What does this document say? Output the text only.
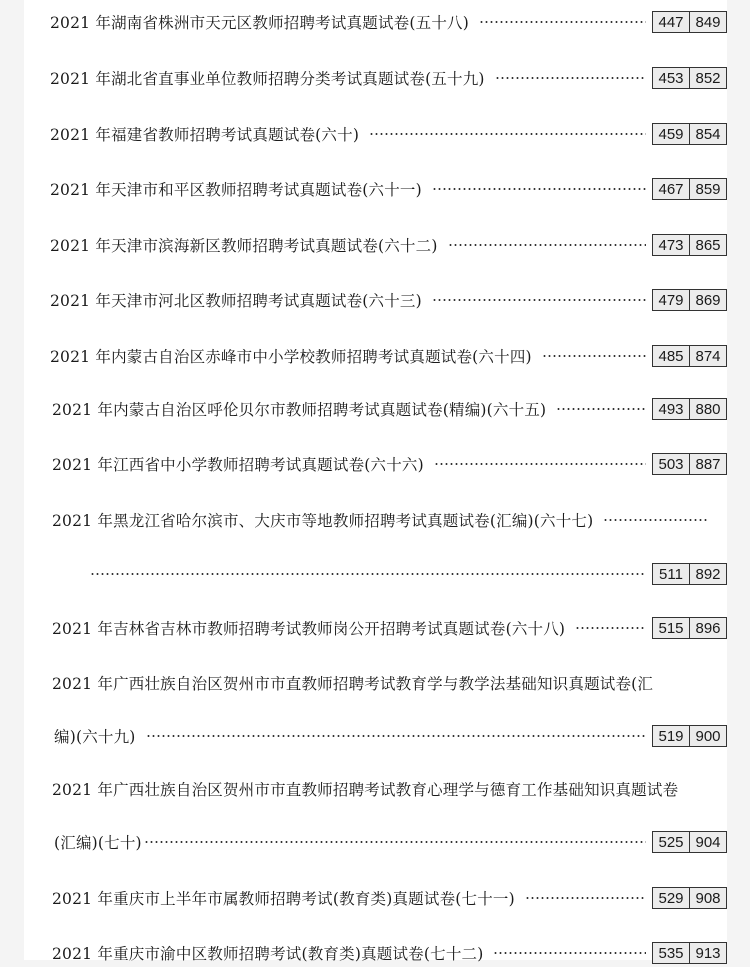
2021 年湖南省株洲市天元区教师招聘考试真题试卷(五十八)	447 849
2021 年湖北省直事业单位教师招聘分类考试真题试卷(五十九)	453 852
2021 年福建省教师招聘考试真题试卷(六十)	459 854
2021 年天津市和平区教师招聘考试真题试卷(六十一)	467 859
2021 年天津市滨海新区教师招聘考试真题试卷(六十二)	473 865
2021 年天津市河北区教师招聘考试真题试卷(六十三)	479 869
2021 年内蒙古自治区赤峰市中小学校教师招聘考试真题试卷(六十四)	485 874
2021 年内蒙古自治区呼伦贝尔市教师招聘考试真题试卷(精编)(六十五)	493 880
2021 年江西省中小学教师招聘考试真题试卷(六十六)	503 887
2021 年黑龙江省哈尔滨市、大庆市等地教师招聘考试真题试卷(汇编)(六十七)
511 892
2021 年吉林省吉林市教师招聘考试教师岗公开招聘考试真题试卷(六十八)	515 896
2021 年广西壮族自治区贺州市市直教师招聘考试教育学与教学法基础知识真题试卷(汇
编)(六十九)	519 900
2021 年广西壮族自治区贺州市市直教师招聘考试教育心理学与德育工作基础知识真题试卷
(汇编)(七十)	525 904
2021 年重庆市上半年市属教师招聘考试(教育类)真题试卷(七十一)	529 908
2021 年重庆市渝中区教师招聘考试(教育类)真题试卷(七十二)	535 913
